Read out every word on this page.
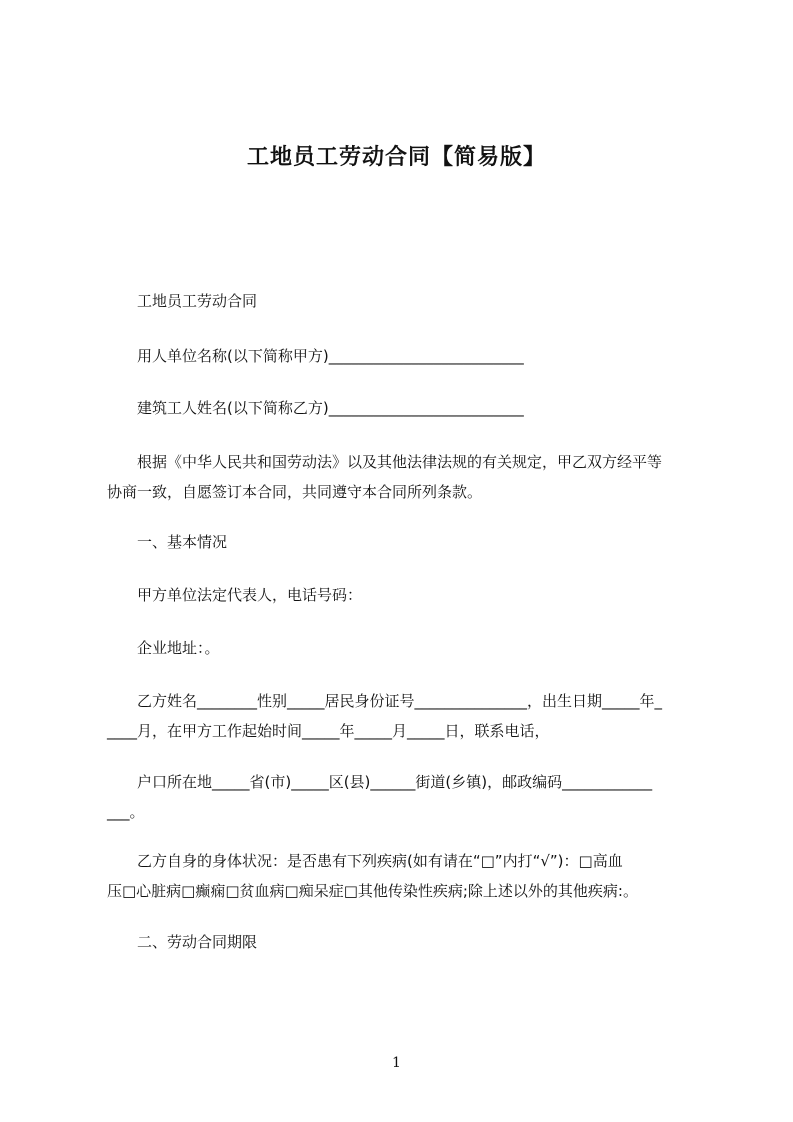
工地员工劳动合同【简易版】
工地员工劳动合同
用人单位名称(以下简称甲方)__________________________
建筑工人姓名(以下简称乙方)__________________________
根据《中华人民共和国劳动法》以及其他法律法规的有关规定，甲乙双方经平等
协商一致，自愿签订本合同，共同遵守本合同所列条款。
一、基本情况
甲方单位法定代表人，电话号码：
企业地址：。
乙方姓名________性别_____居民身份证号_______________，出生日期_____年_
____月，在甲方工作起始时间_____年_____月_____日，联系电话，
户口所在地_____省(市)_____区(县)______街道(乡镇)，邮政编码____________
___。
乙方自身的身体状况：是否患有下列疾病(如有请在“□”内打“√”)：□高血
压□心脏病□癫痫□贫血病□痴呆症□其他传染性疾病;除上述以外的其他疾病:。
二、劳动合同期限
1
